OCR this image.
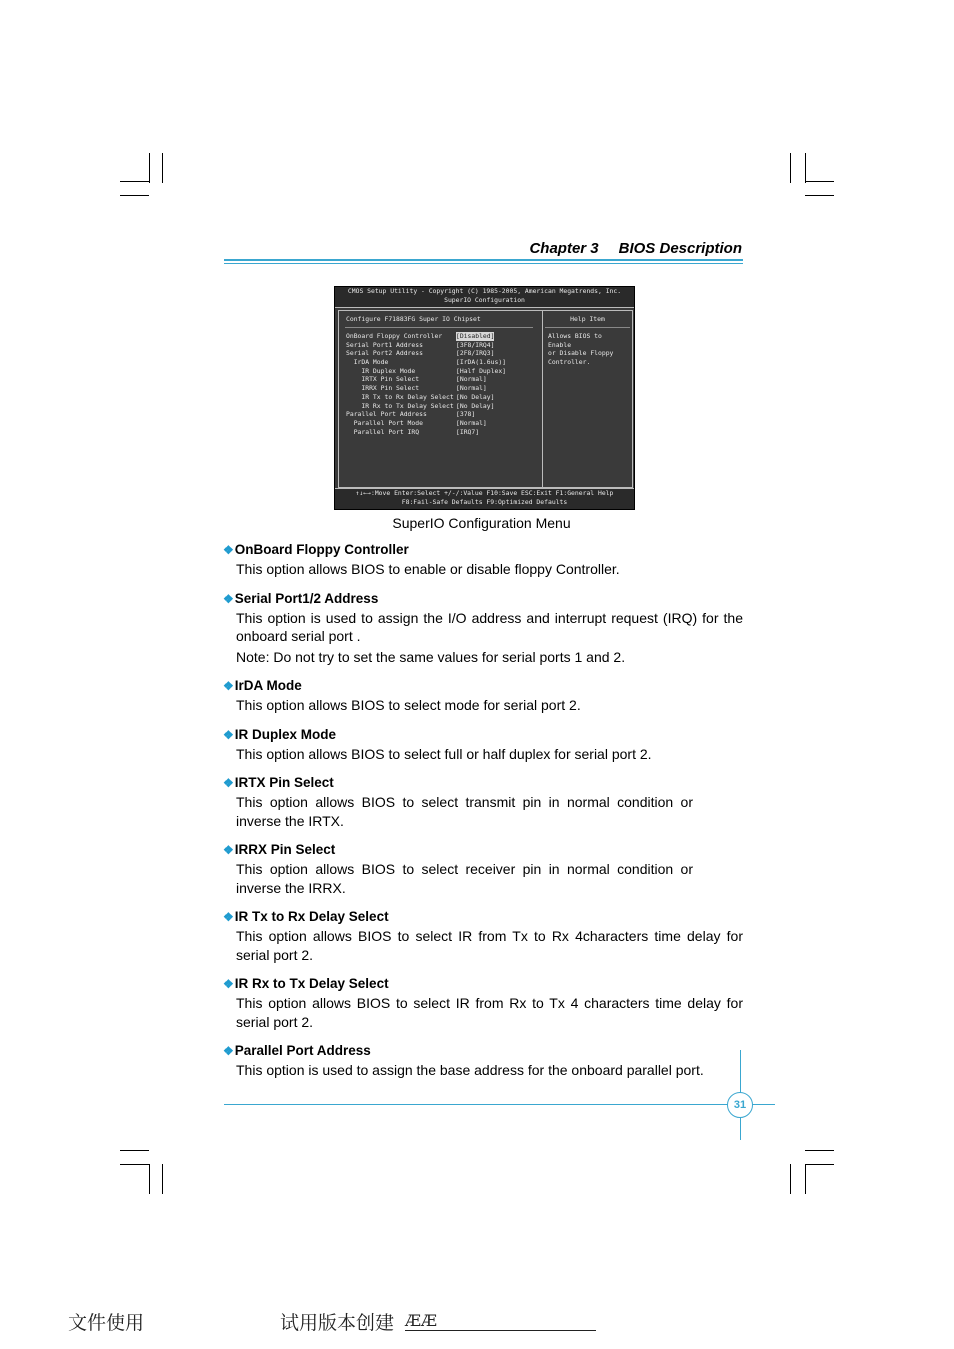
Chapter 3 BIOS Description
CMOS Setup Utility - Copyright (C) 1985-2005, American Megatrends, Inc.
SuperIO Configuration
Configure F71883FG Super IO Chipset	Help Item
OnBoard Floppy Controller [Disabled]
Serial Port1 Address	[3F8/IRQ4]
Serial Port2 Address	[2F8/IRQ3]
IrDA Mode	[IrDA(1.6us)]
IR Duplex Mode	[Half Duplex]
IRTX Pin Select	[Normal]
IRRX Pin Select	[Normal]
IR Tx to Rx Delay Select [No Delay]
IR Rx to Tx Delay Select [No Delay]
Parallel Port Address	[378]
Parallel Port Mode	[Normal]
Parallel Port IRQ	[IRQ7]
Allows BIOS to Enable
or Disable Floppy
Controller.
↑↓←→:Move Enter:Select +/-/:Value F10:Save ESC:Exit F1:General Help
F8:Fail-Safe Defaults F9:Optimized Defaults
SuperIO Configuration Menu
❖OnBoard Floppy Controller

This option allows BIOS to enable or disable floppy Controller.

❖Serial Port1/2 Address

This option is used to assign the I/O address and interrupt request (IRQ) for the onboard serial port .

Note: Do not try to set the same values for serial ports 1 and 2.

❖IrDA Mode

This option allows BIOS to select mode for serial port 2.

❖IR Duplex Mode

This option allows BIOS to select full or half duplex for serial port 2.

❖IRTX Pin Select

This option allows BIOS to select transmit pin in normal condition or inverse the IRTX.

❖IRRX Pin Select

This option allows BIOS to select receiver pin in normal condition or inverse the IRRX.

❖IR Tx to Rx Delay Select

This option allows BIOS to select IR from Tx to Rx 4characters time delay for serial port 2.

❖IR Rx to Tx Delay Select

This option allows BIOS to select IR from Rx to Tx 4 characters time delay for serial port 2.

❖Parallel Port Address

This option is used to assign the base address for the onboard parallel port.

31
文件使用	试用版本创建 ÆÆ
